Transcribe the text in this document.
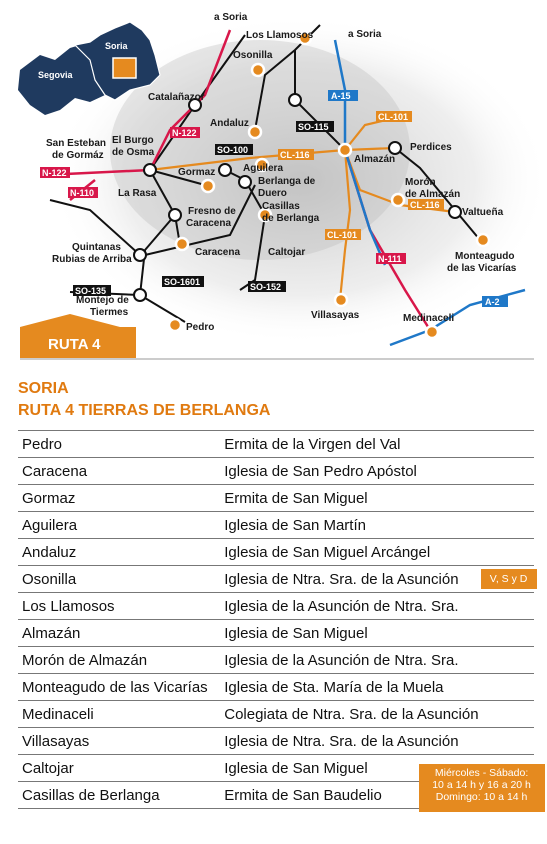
Soria
Segovia
N-122
N-122
N-110
SO-100
SO-115
A-15
CL-101
CL-116
CL-116
CL-101
N-111
SO-1601
SO-135	SO-152
A-2
a Soria
a Soria
Los Llamosos
Osonilla
Catalañazor
Andaluz
San Esteban de Gormáz
El Burgo de Osma
La Rasa
Gormaz	Aguilera
Berlanga de Duero
Fresno de Caracena
Casillas de Berlanga
Caracena	Caltojar
Quintanas Rubias de Arriba
Montejo de Tiermes
Pedro
Almazán
Perdices
Morón de Almazán
Valtueña
Monteagudo de las Vicarías
Villasayas	Medinaceli
RUTA 4
SORIA
RUTA 4 TIERRAS DE BERLANGA
Pedro	Ermita de la Virgen del Val	
Caracena	Iglesia de San Pedro Apóstol	
Gormaz	Ermita de San Miguel	
Aguilera	Iglesia de San Martín	
Andaluz	Iglesia de San Miguel Arcángel	
Osonilla	Iglesia de Ntra. Sra. de la Asunción	V, S y D

Los Llamosos	Iglesia de la Asunción de Ntra. Sra.	
Almazán	Iglesia de San Miguel	
Morón de Almazán	Iglesia de la Asunción de Ntra. Sra.	
Monteagudo de las Vicarías	Iglesia de Sta. María de la Muela	
Medinaceli	Colegiata de Ntra. Sra. de la Asunción	
Villasayas	Iglesia de Ntra. Sra. de la Asunción	
Caltojar	Iglesia de San Miguel	
Casillas de Berlanga	Ermita de San Baudelio	Miércoles - Sábado:
10 a 14 h y 16 a 20 h
Domingo: 10 a 14 h
